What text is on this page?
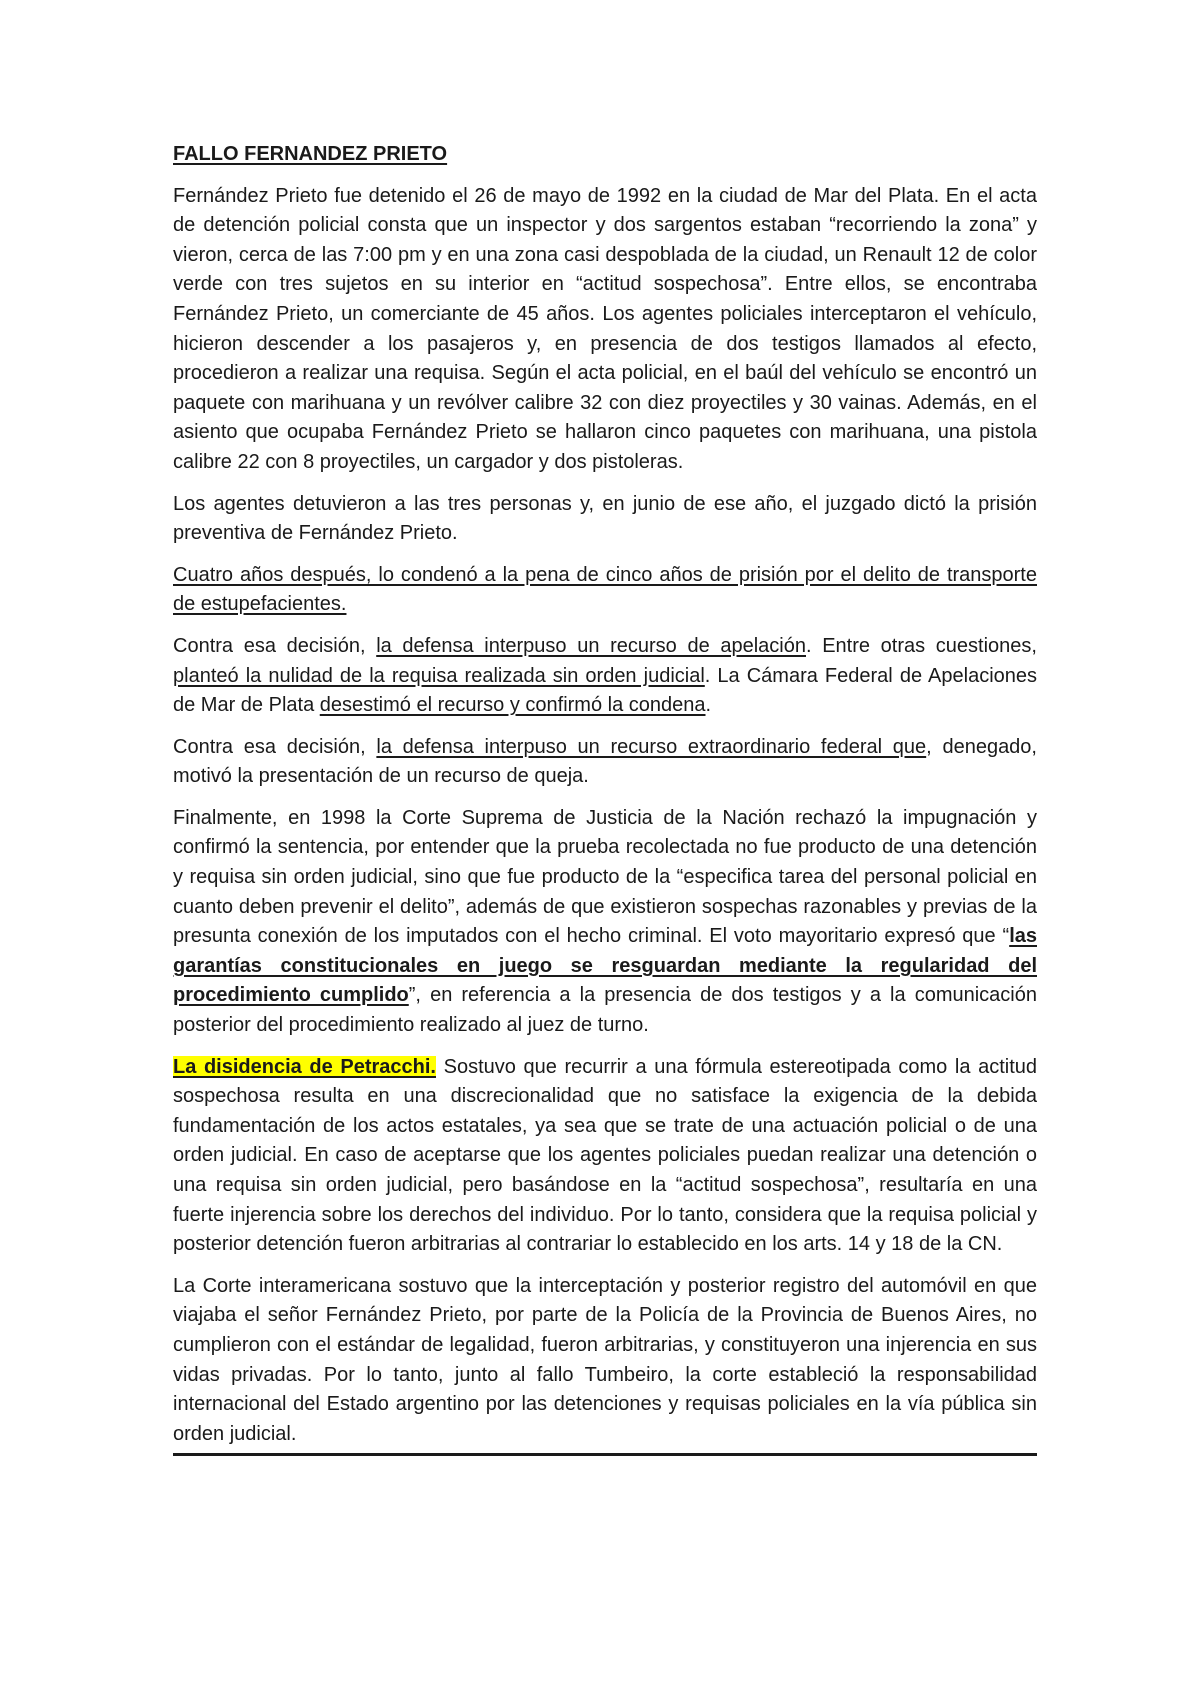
FALLO FERNANDEZ PRIETO

Fernández Prieto fue detenido el 26 de mayo de 1992 en la ciudad de Mar del Plata. En el acta de detención policial consta que un inspector y dos sargentos estaban “recorriendo la zona” y vieron, cerca de las 7:00 pm y en una zona casi despoblada de la ciudad, un Renault 12 de color verde con tres sujetos en su interior en “actitud sospechosa”. Entre ellos, se encontraba Fernández Prieto, un comerciante de 45 años. Los agentes policiales interceptaron el vehículo, hicieron descender a los pasajeros y, en presencia de dos testigos llamados al efecto, procedieron a realizar una requisa. Según el acta policial, en el baúl del vehículo se encontró un paquete con marihuana y un revólver calibre 32 con diez proyectiles y 30 vainas. Además, en el asiento que ocupaba Fernández Prieto se hallaron cinco paquetes con marihuana, una pistola calibre 22 con 8 proyectiles, un cargador y dos pistoleras.

Los agentes detuvieron a las tres personas y, en junio de ese año, el juzgado dictó la prisión preventiva de Fernández Prieto.

Cuatro años después, lo condenó a la pena de cinco años de prisión por el delito de transporte de estupefacientes.

Contra esa decisión, la defensa interpuso un recurso de apelación. Entre otras cuestiones, planteó la nulidad de la requisa realizada sin orden judicial. La Cámara Federal de Apelaciones de Mar de Plata desestimó el recurso y confirmó la condena.

Contra esa decisión, la defensa interpuso un recurso extraordinario federal que, denegado, motivó la presentación de un recurso de queja.

Finalmente, en 1998 la Corte Suprema de Justicia de la Nación rechazó la impugnación y confirmó la sentencia, por entender que la prueba recolectada no fue producto de una detención y requisa sin orden judicial, sino que fue producto de la “especifica tarea del personal policial en cuanto deben prevenir el delito”, además de que existieron sospechas razonables y previas de la presunta conexión de los imputados con el hecho criminal. El voto mayoritario expresó que “las garantías constitucionales en juego se resguardan mediante la regularidad del procedimiento cumplido”, en referencia a la presencia de dos testigos y a la comunicación posterior del procedimiento realizado al juez de turno.

La disidencia de Petracchi. Sostuvo que recurrir a una fórmula estereotipada como la actitud sospechosa resulta en una discrecionalidad que no satisface la exigencia de la debida fundamentación de los actos estatales, ya sea que se trate de una actuación policial o de una orden judicial. En caso de aceptarse que los agentes policiales puedan realizar una detención o una requisa sin orden judicial, pero basándose en la “actitud sospechosa”, resultaría en una fuerte injerencia sobre los derechos del individuo. Por lo tanto, considera que la requisa policial y posterior detención fueron arbitrarias al contrariar lo establecido en los arts. 14 y 18 de la CN.

La Corte interamericana sostuvo que la interceptación y posterior registro del automóvil en que viajaba el señor Fernández Prieto, por parte de la Policía de la Provincia de Buenos Aires, no cumplieron con el estándar de legalidad, fueron arbitrarias, y constituyeron una injerencia en sus vidas privadas. Por lo tanto, junto al fallo Tumbeiro, la corte estableció la responsabilidad internacional del Estado argentino por las detenciones y requisas policiales en la vía pública sin orden judicial.
